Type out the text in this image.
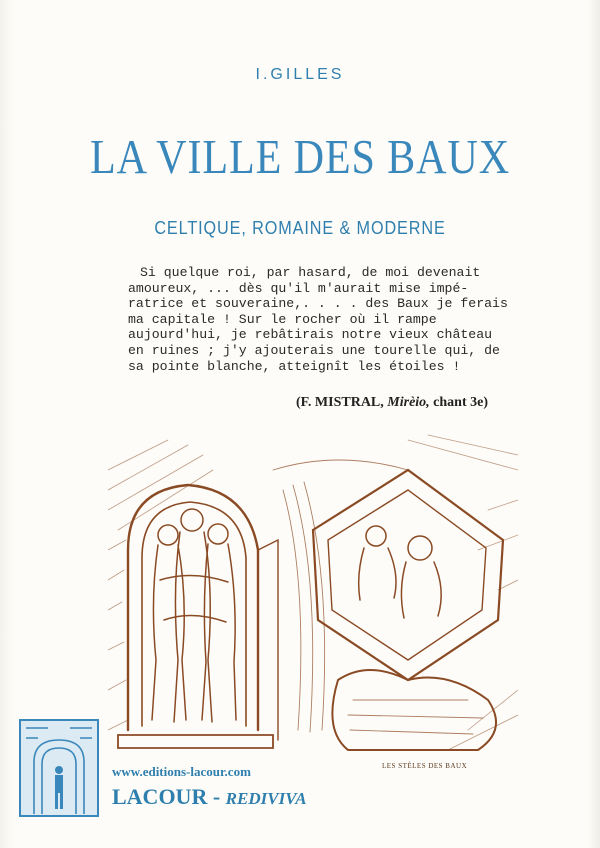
I.GILLES
LA VILLE DES BAUX
CELTIQUE, ROMAINE & MODERNE
Si quelque roi, par hasard, de moi devenait
amoureux, ... dès qu'il m'aurait mise impé-
ratrice et souveraine,. . . . des Baux je ferais
ma capitale ! Sur le rocher où il rampe
aujourd'hui, je rebâtirais notre vieux château
en ruines ; j'y ajouterais une tourelle qui, de
sa pointe blanche, atteignît les étoiles !
(F. MISTRAL, Mirèio, chant 3e)
LES STÈLES DES BAUX
www.editions-lacour.com
LACOUR - REDIVIVA
